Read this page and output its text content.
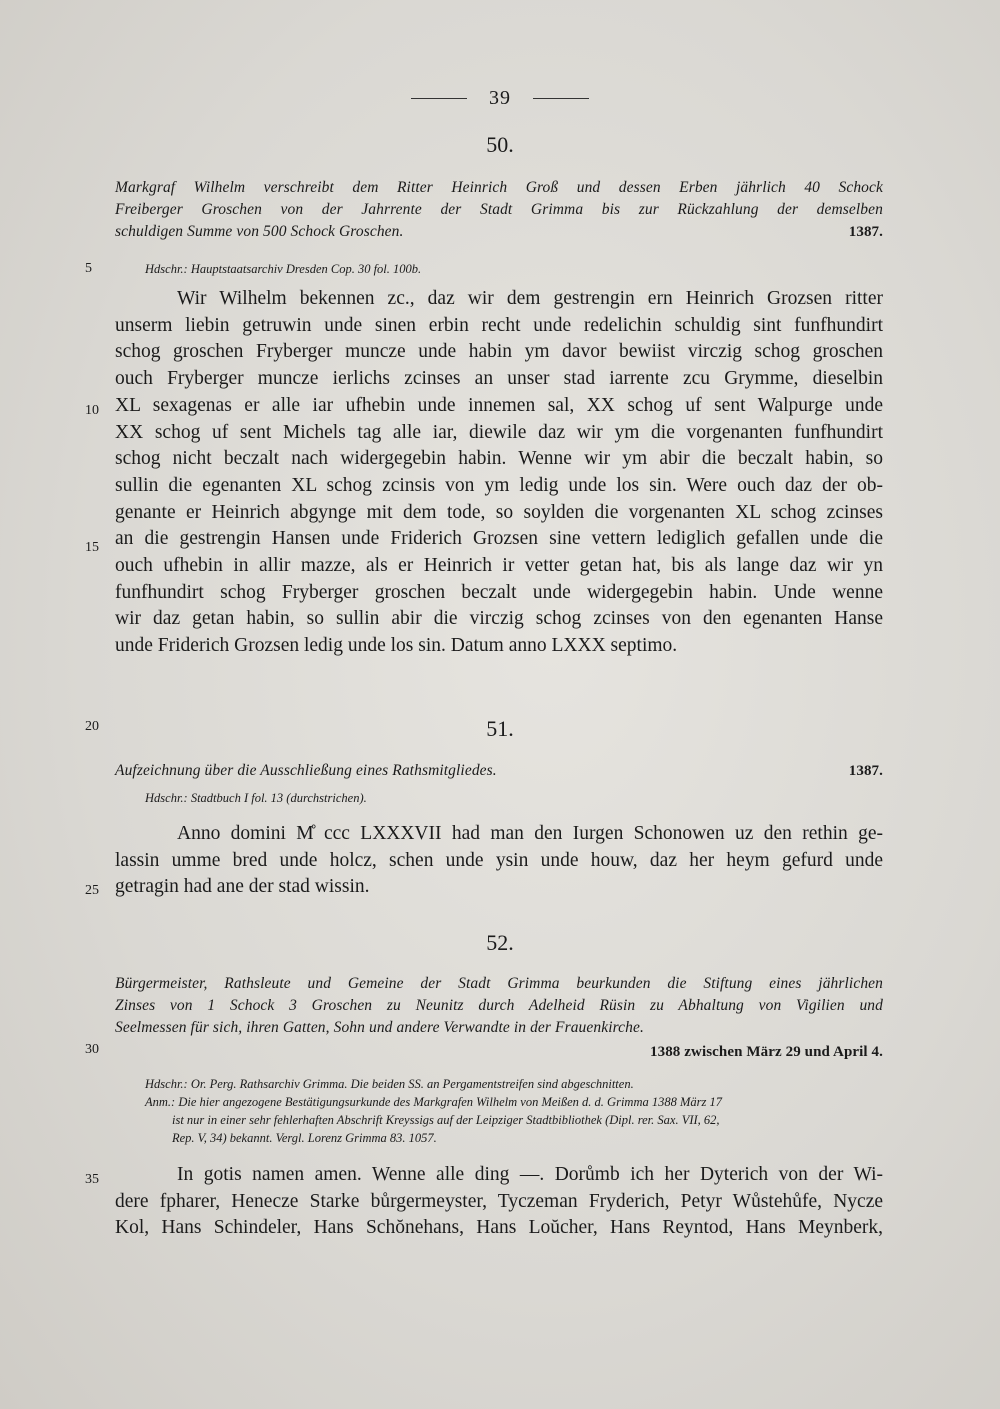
39
5
10
15
20
25
30
35
50.
Markgraf Wilhelm verschreibt dem Ritter Heinrich Groß und dessen Erben jährlich 40 Schock
Freiberger Groschen von der Jahrrente der Stadt Grimma bis zur Rückzahlung der demselben
schuldigen Summe von 500 Schock Groschen.	1387.
Hdschr.: Hauptstaatsarchiv Dresden Cop. 30 fol. 100b.
Wir Wilhelm bekennen zc., daz wir dem gestrengin ern Heinrich Grozsen ritter
unserm liebin getruwin unde sinen erbin recht unde redelichin schuldig sint funfhundirt
schog groschen Fryberger muncze unde habin ym davor bewiist virczig schog groschen
ouch Fryberger muncze ierlichs zcinses an unser stad iarrente zcu Grymme, dieselbin
XL sexagenas er alle iar ufhebin unde innemen sal, XX schog uf sent Walpurge unde
XX schog uf sent Michels tag alle iar, diewile daz wir ym die vorgenanten funfhundirt
schog nicht beczalt nach widergegebin habin. Wenne wir ym abir die beczalt habin, so
sullin die egenanten XL schog zcinsis von ym ledig unde los sin. Were ouch daz der ob-
genante er Heinrich abgynge mit dem tode, so soylden die vorgenanten XL schog zcinses
an die gestrengin Hansen unde Friderich Grozsen sine vettern lediglich gefallen unde die
ouch ufhebin in allir mazze, als er Heinrich ir vetter getan hat, bis als lange daz wir yn
funfhundirt schog Fryberger groschen beczalt unde widergegebin habin. Unde wenne
wir daz getan habin, so sullin abir die virczig schog zcinses von den egenanten Hanse
unde Friderich Grozsen ledig unde los sin. Datum anno LXXX septimo.
51.
Aufzeichnung über die Ausschließung eines Rathsmitgliedes.	1387.
Hdschr.: Stadtbuch I fol. 13 (durchstrichen).
Anno domini M̊ ccc LXXXVII had man den Iurgen Schonowen uz den rethin ge-
lassin umme bred unde holcz, schen unde ysin unde houw, daz her heym gefurd unde
getragin had ane der stad wissin.
52.
Bürgermeister, Rathsleute und Gemeine der Stadt Grimma beurkunden die Stiftung eines jährlichen
Zinses von 1 Schock 3 Groschen zu Neunitz durch Adelheid Rüsin zu Abhaltung von Vigilien und
Seelmessen für sich, ihren Gatten, Sohn und andere Verwandte in der Frauenkirche.
1388 zwischen März 29 und April 4.
Hdschr.: Or. Perg. Rathsarchiv Grimma. Die beiden SS. an Pergamentstreifen sind abgeschnitten.
Anm.: Die hier angezogene Bestätigungsurkunde des Markgrafen Wilhelm von Meißen d. d. Grimma 1388 März 17
ist nur in einer sehr fehlerhaften Abschrift Kreyssigs auf der Leipziger Stadtbibliothek (Dipl. rer. Sax. VII, 62,
Rep. V, 34) bekannt. Vergl. Lorenz Grimma 83. 1057.
In gotis namen amen. Wenne alle ding —. Dorůmb ich her Dyterich von der Wi-
dere fpharer, Henecze Starke bůrgermeyster, Tyczeman Fryderich, Petyr Wůstehůfe, Nycze
Kol, Hans Schindeler, Hans Schŏnehans, Hans Loŭcher, Hans Reyntod, Hans Meynberk,
